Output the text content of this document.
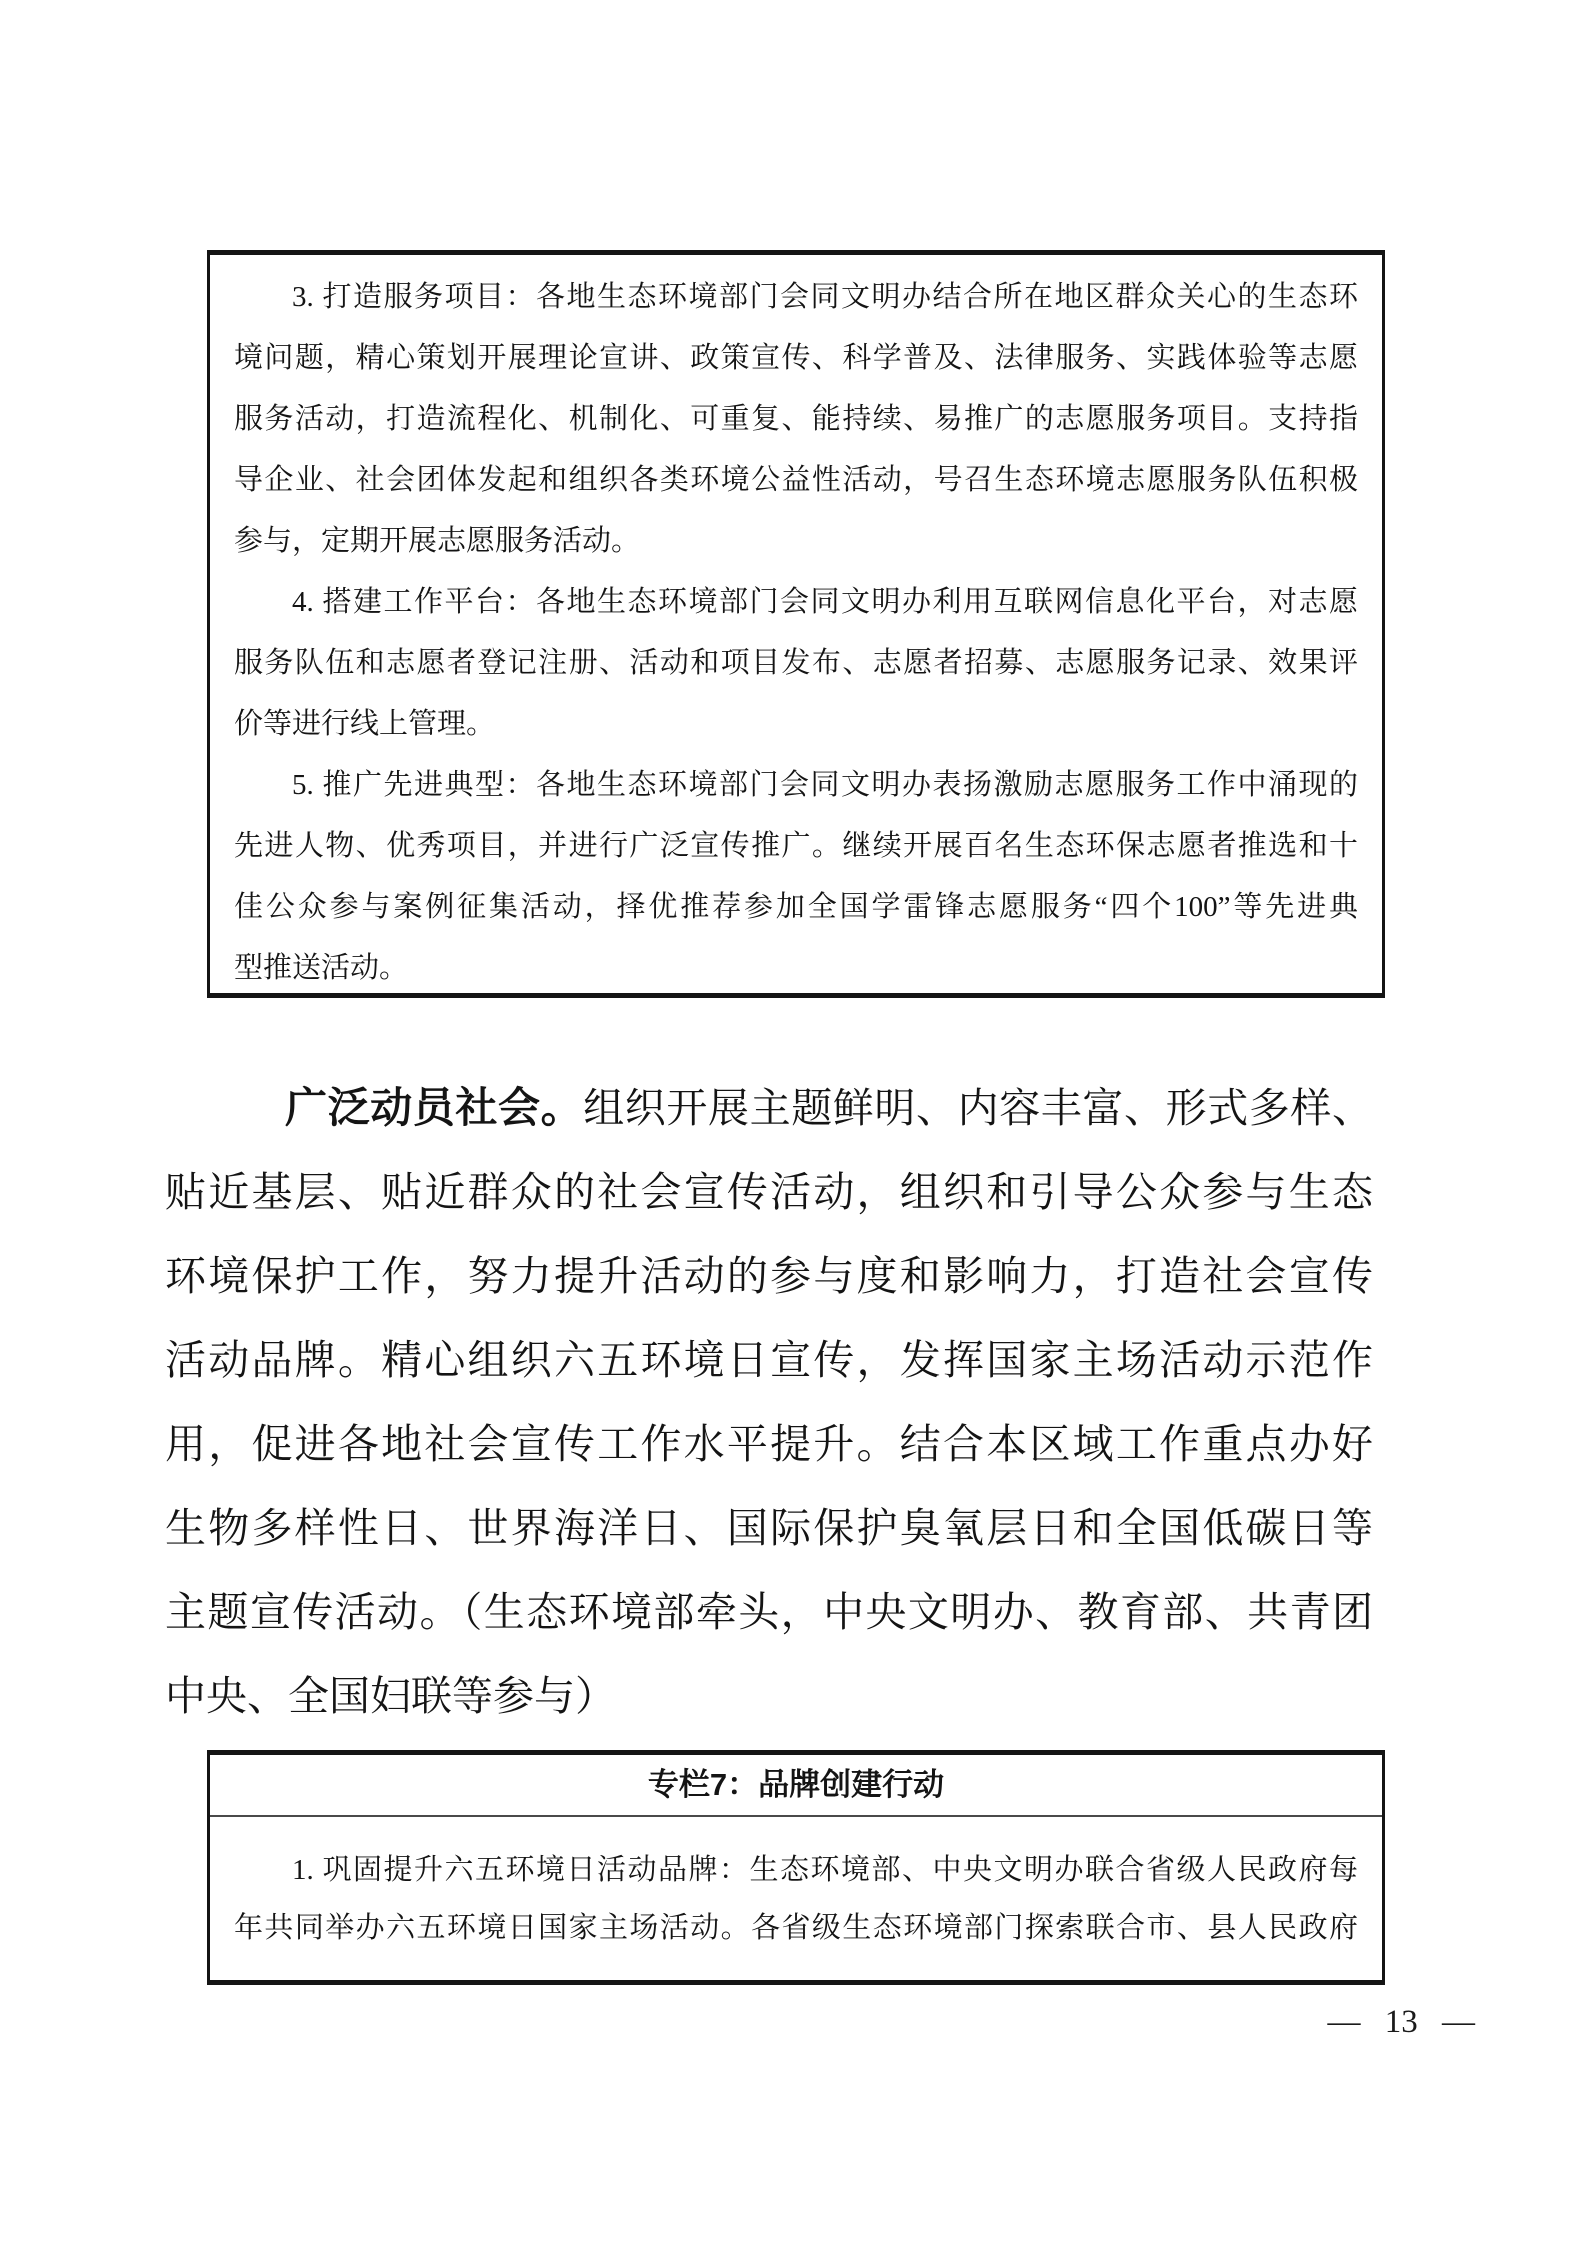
3. 打造服务项目：各地生态环境部门会同文明办结合所在地区群众关心的生态环
境问题，精心策划开展理论宣讲、政策宣传、科学普及、法律服务、实践体验等志愿
服务活动，打造流程化、机制化、可重复、能持续、易推广的志愿服务项目。支持指
导企业、社会团体发起和组织各类环境公益性活动，号召生态环境志愿服务队伍积极
参与，定期开展志愿服务活动。
4. 搭建工作平台：各地生态环境部门会同文明办利用互联网信息化平台，对志愿
服务队伍和志愿者登记注册、活动和项目发布、志愿者招募、志愿服务记录、效果评
价等进行线上管理。
5. 推广先进典型：各地生态环境部门会同文明办表扬激励志愿服务工作中涌现的
先进人物、优秀项目，并进行广泛宣传推广。继续开展百名生态环保志愿者推选和十
佳公众参与案例征集活动，择优推荐参加全国学雷锋志愿服务“四个100”等先进典
型推送活动。
广泛动员社会。组织开展主题鲜明、内容丰富、形式多样、
贴近基层、贴近群众的社会宣传活动，组织和引导公众参与生态
环境保护工作，努力提升活动的参与度和影响力，打造社会宣传
活动品牌。精心组织六五环境日宣传，发挥国家主场活动示范作
用，促进各地社会宣传工作水平提升。结合本区域工作重点办好
生物多样性日、世界海洋日、国际保护臭氧层日和全国低碳日等
主题宣传活动。（生态环境部牵头，中央文明办、教育部、共青团
中央、全国妇联等参与）
专栏7：品牌创建行动
1. 巩固提升六五环境日活动品牌：生态环境部、中央文明办联合省级人民政府每
年共同举办六五环境日国家主场活动。各省级生态环境部门探索联合市、县人民政府
— 13 —
